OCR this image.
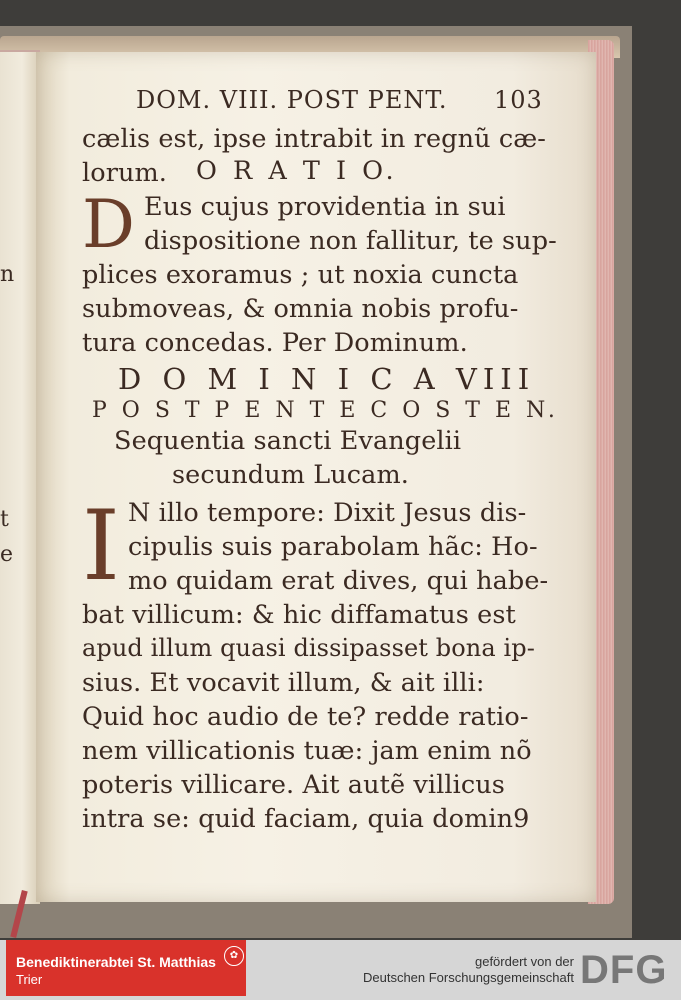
n
t
e
DOM. VIII. POST PENT. 103
cælis est, ipse intrabit in regnũ cæ-
lorum. O R A T I O.
D Eus cujus providentia in sui
dispositione non fallitur, te sup-
plices exoramus ; ut noxia cuncta
submoveas, & omnia nobis profu-
tura concedas. Per Dominum.
D O M I N I C A VIII
P O S T P E N T E C O S T E N.
Sequentia sancti Evangelii
secundum Lucam.
I N illo tempore: Dixit Jesus dis-
cipulis suis parabolam hãc: Ho-
mo quidam erat dives, qui habe-
bat villicum: & hic diffamatus est
apud illum quasi dissipasset bona ip-
sius. Et vocavit illum, & ait illi:
Quid hoc audio de te? redde ratio-
nem villicationis tuæ: jam enim nõ
poteris villicare. Ait autẽ villicus
intra se: quid faciam, quia domin9
Benediktinerabtei St. Matthias
Trier
✿	gefördert von der
Deutschen Forschungsgemeinschaft DFG
